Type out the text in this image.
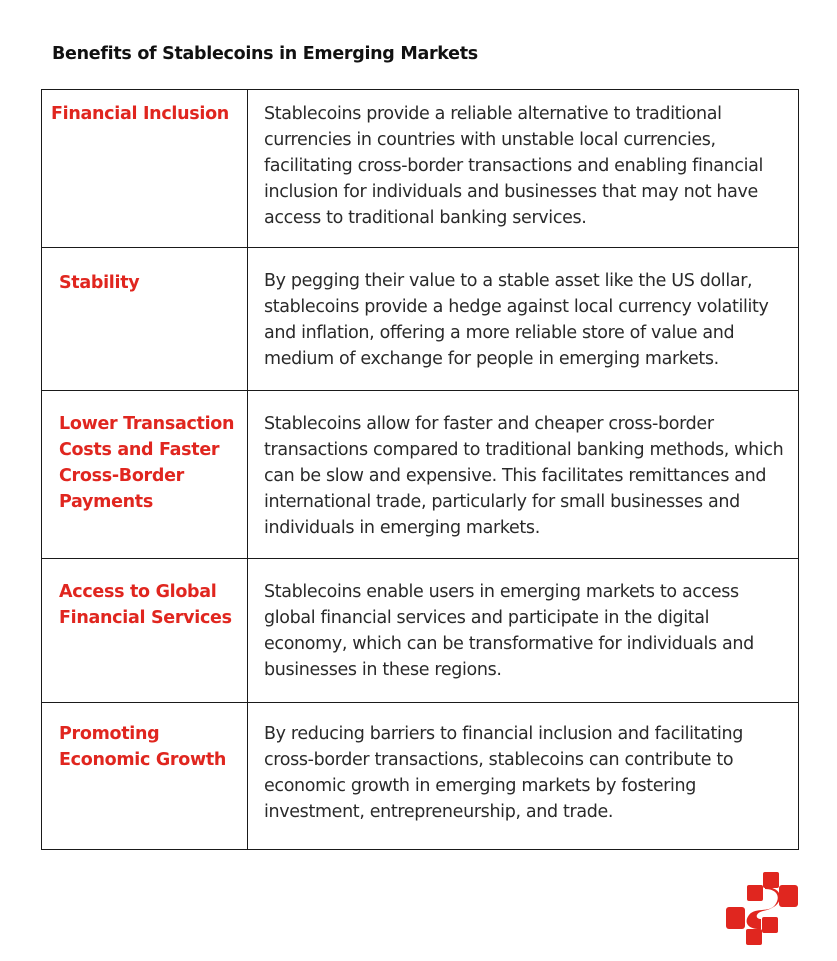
Benefits of Stablecoins in Emerging Markets
Financial Inclusion	Stablecoins provide a reliable alternative to traditional currencies in countries with unstable local currencies, facilitating cross-border transactions and enabling financial inclusion for individuals and businesses that may not have access to traditional banking services.

Stability	By pegging their value to a stable asset like the US dollar, stablecoins provide a hedge against local currency volatility and inflation, offering a more reliable store of value and medium of exchange for people in emerging markets.

Lower Transaction Costs and Faster Cross-Border Payments	Stablecoins allow for faster and cheaper cross-border transactions compared to traditional banking methods, which can be slow and expensive. This facilitates remittances and international trade, particularly for small businesses and individuals in emerging markets.

Access to Global Financial Services	Stablecoins enable users in emerging markets to access global financial services and participate in the digital economy, which can be transformative for individuals and businesses in these regions.

Promoting Economic Growth	By reducing barriers to financial inclusion and facilitating cross-border transactions, stablecoins can contribute to economic growth in emerging markets by fostering investment, entrepreneurship, and trade.
